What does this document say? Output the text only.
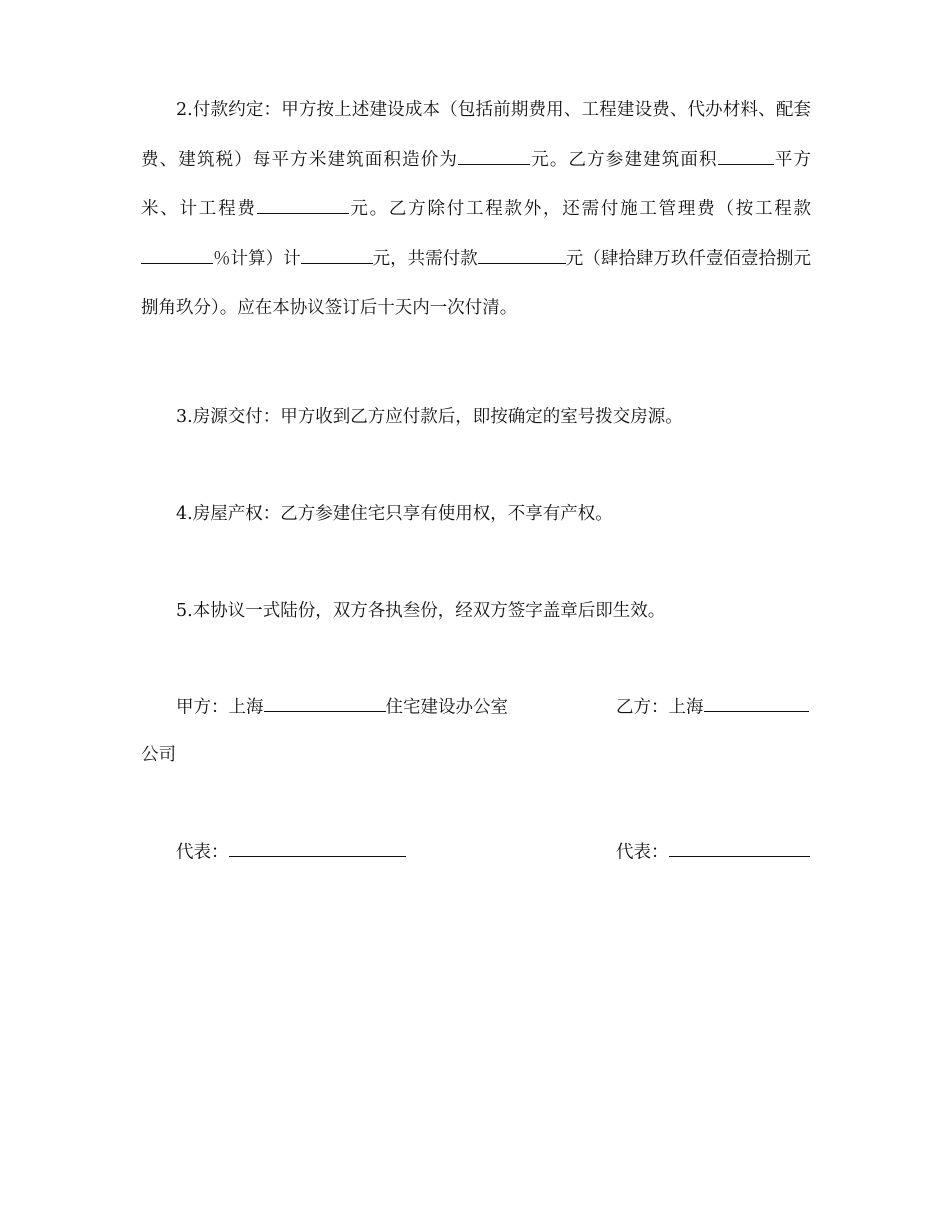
2.付款约定：甲方按上述建设成本（包括前期费用、工程建设费、代办材料、配套费、建筑税）每平方米建筑面积造价为	元。乙方参建建筑面积	平方米、计工程费	元。乙方除付工程款外，还需付施工管理费（按工程款％计算）计	元，共需付款	元（肆拾肆万玖仟壹佰壹拾捌元捌角玖分）。应在本协议签订后十天内一次付清。

3.房源交付：甲方收到乙方应付款后，即按确定的室号拨交房源。
4.房屋产权：乙方参建住宅只享有使用权，不享有产权。
5.本协议一式陆份，双方各执叁份，经双方签字盖章后即生效。
甲方：上海	住宅建设办公室	乙方：上海
公司
代表：	代表：
